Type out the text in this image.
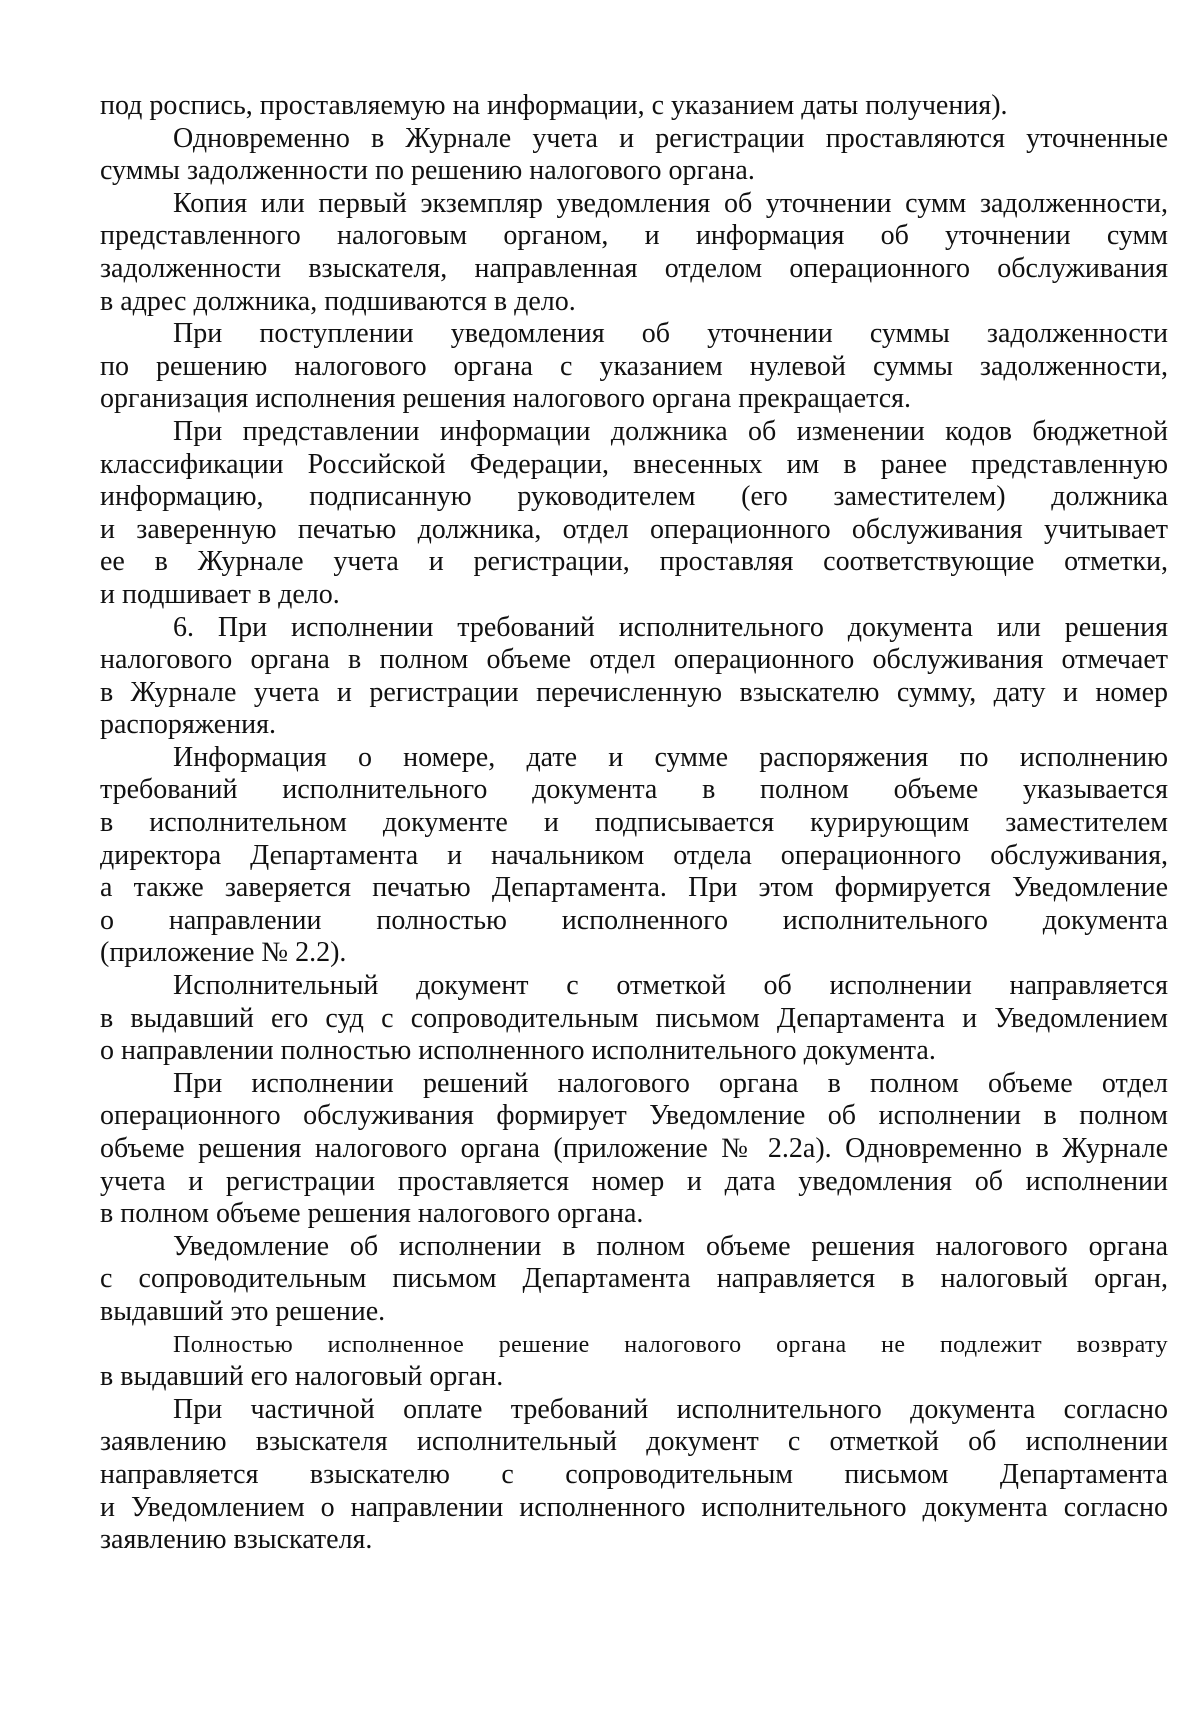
под роспись, проставляемую на информации, с указанием даты получения).
Одновременно в Журнале учета и регистрации проставляются уточненные
суммы задолженности по решению налогового органа.
Копия или первый экземпляр уведомления об уточнении сумм задолженности,
представленного налоговым органом, и информация об уточнении сумм
задолженности взыскателя, направленная отделом операционного обслуживания
в адрес должника, подшиваются в дело.
При поступлении уведомления об уточнении суммы задолженности
по решению налогового органа с указанием нулевой суммы задолженности,
организация исполнения решения налогового органа прекращается.
При представлении информации должника об изменении кодов бюджетной
классификации Российской Федерации, внесенных им в ранее представленную
информацию, подписанную руководителем (его заместителем) должника
и заверенную печатью должника, отдел операционного обслуживания учитывает
ее в Журнале учета и регистрации, проставляя соответствующие отметки,
и подшивает в дело.
6. При исполнении требований исполнительного документа или решения
налогового органа в полном объеме отдел операционного обслуживания отмечает
в Журнале учета и регистрации перечисленную взыскателю сумму, дату и номер
распоряжения.
Информация о номере, дате и сумме распоряжения по исполнению
требований исполнительного документа в полном объеме указывается
в исполнительном документе и подписывается курирующим заместителем
директора Департамента и начальником отдела операционного обслуживания,
а также заверяется печатью Департамента. При этом формируется Уведомление
о направлении полностью исполненного исполнительного документа
(приложение № 2.2).
Исполнительный документ с отметкой об исполнении направляется
в выдавший его суд с сопроводительным письмом Департамента и Уведомлением
о направлении полностью исполненного исполнительного документа.
При исполнении решений налогового органа в полном объеме отдел
операционного обслуживания формирует Уведомление об исполнении в полном
объеме решения налогового органа (приложение № 2.2а). Одновременно в Журнале
учета и регистрации проставляется номер и дата уведомления об исполнении
в полном объеме решения налогового органа.
Уведомление об исполнении в полном объеме решения налогового органа
с сопроводительным письмом Департамента направляется в налоговый орган,
выдавший это решение.
Полностью исполненное решение налогового органа не подлежит возврату
в выдавший его налоговый орган.
При частичной оплате требований исполнительного документа согласно
заявлению взыскателя исполнительный документ с отметкой об исполнении
направляется взыскателю с сопроводительным письмом Департамента
и Уведомлением о направлении исполненного исполнительного документа согласно
заявлению взыскателя.
